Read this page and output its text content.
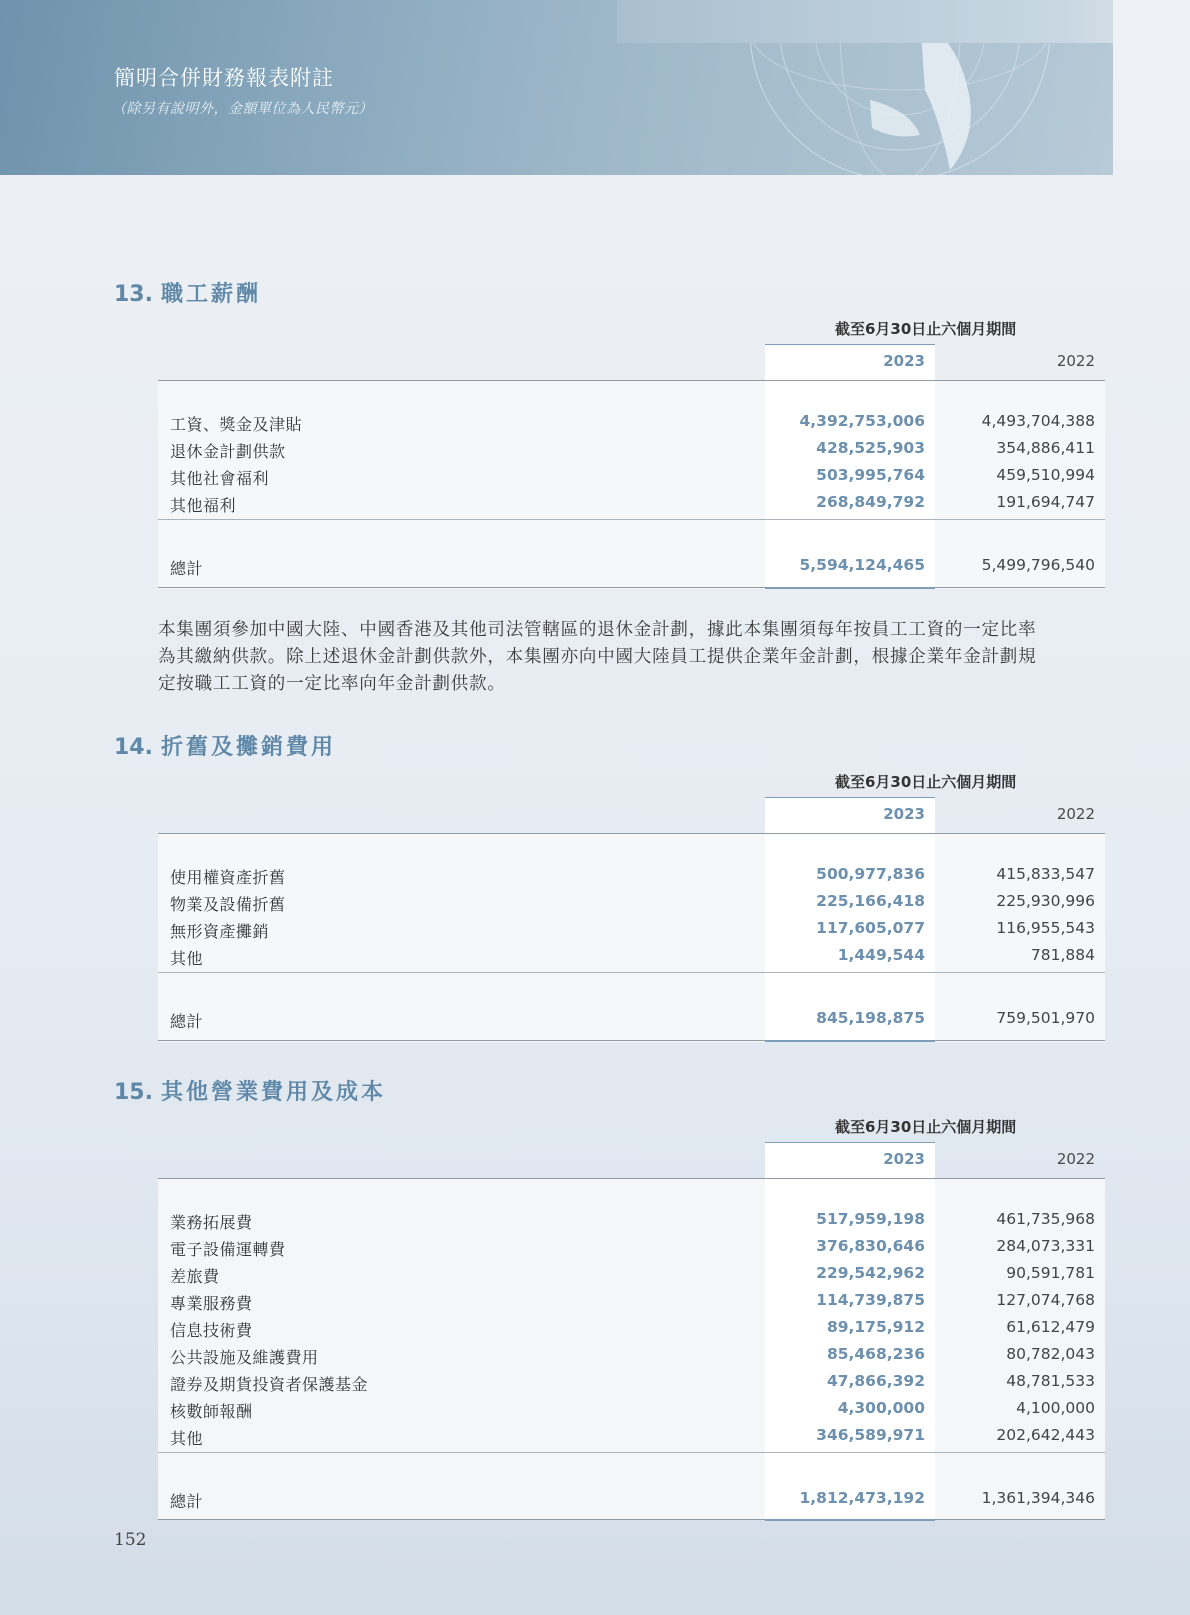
簡明合併財務報表附註
（除另有說明外，金額單位為人民幣元）
13. 職工薪酬
截至6月30日止六個月期間
2023	2022
工資、獎金及津貼	4,392,753,006	4,493,704,388
退休金計劃供款	428,525,903	354,886,411
其他社會福利	503,995,764	459,510,994
其他福利	268,849,792	191,694,747
總計	5,594,124,465	5,499,796,540
本集團須參加中國大陸、中國香港及其他司法管轄區的退休金計劃，據此本集團須每年按員工工資的一定比率
為其繳納供款。除上述退休金計劃供款外，本集團亦向中國大陸員工提供企業年金計劃，根據企業年金計劃規
定按職工工資的一定比率向年金計劃供款。
14. 折舊及攤銷費用
截至6月30日止六個月期間
2023	2022
使用權資產折舊	500,977,836	415,833,547
物業及設備折舊	225,166,418	225,930,996
無形資產攤銷	117,605,077	116,955,543
其他	1,449,544	781,884
總計	845,198,875	759,501,970
15. 其他營業費用及成本
截至6月30日止六個月期間
2023	2022
業務拓展費	517,959,198	461,735,968
電子設備運轉費	376,830,646	284,073,331
差旅費	229,542,962	90,591,781
專業服務費	114,739,875	127,074,768
信息技術費	89,175,912	61,612,479
公共設施及維護費用	85,468,236	80,782,043
證券及期貨投資者保護基金	47,866,392	48,781,533
核數師報酬	4,300,000	4,100,000
其他	346,589,971	202,642,443
總計	1,812,473,192	1,361,394,346
152
